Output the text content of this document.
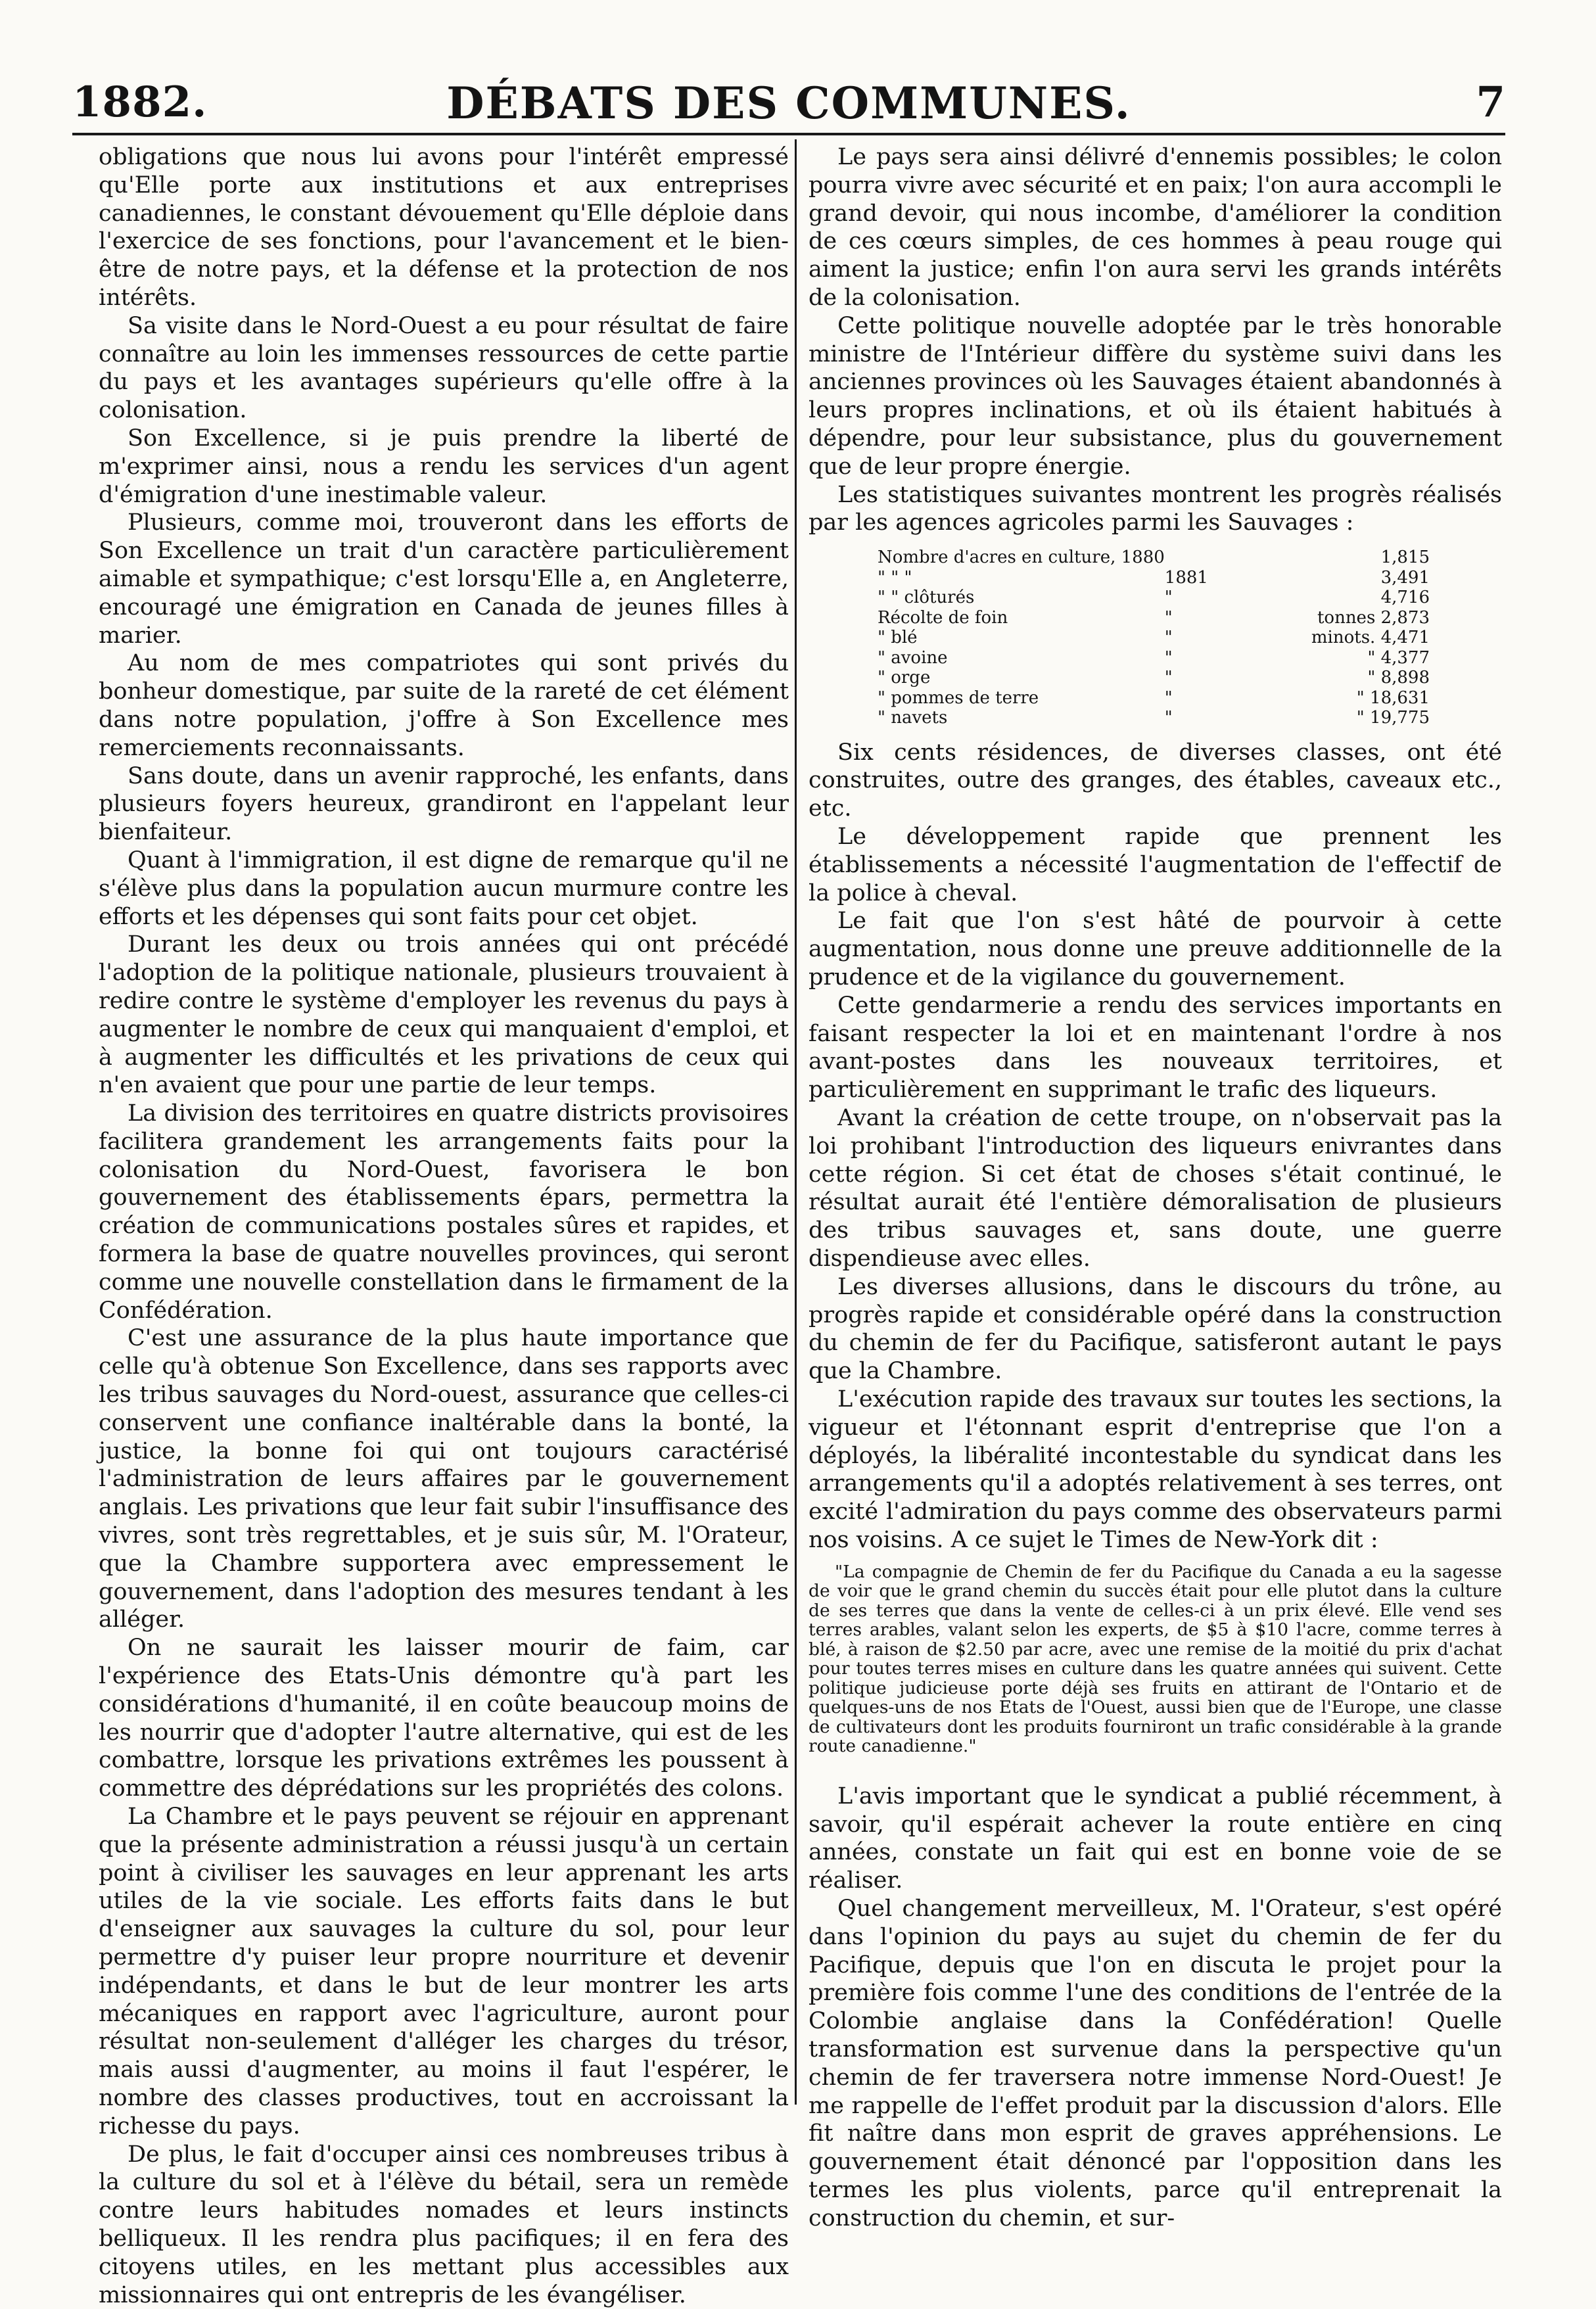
1882.	DÉBATS DES COMMUNES.	7

obligations que nous lui avons pour l'intérêt empressé qu'Elle porte aux institutions et aux entreprises canadiennes, le constant dévouement qu'Elle déploie dans l'exercice de ses fonctions, pour l'avancement et le bien-être de notre pays, et la défense et la protection de nos intérêts.

Sa visite dans le Nord-Ouest a eu pour résultat de faire connaître au loin les immenses ressources de cette partie du pays et les avantages supérieurs qu'elle offre à la colonisation.

Son Excellence, si je puis prendre la liberté de m'exprimer ainsi, nous a rendu les services d'un agent d'émigration d'une inestimable valeur.

Plusieurs, comme moi, trouveront dans les efforts de Son Excellence un trait d'un caractère particulièrement aimable et sympathique; c'est lorsqu'Elle a, en Angleterre, encouragé une émigration en Canada de jeunes filles à marier.

Au nom de mes compatriotes qui sont privés du bonheur domestique, par suite de la rareté de cet élément dans notre population, j'offre à Son Excellence mes remerciements reconnaissants.

Sans doute, dans un avenir rapproché, les enfants, dans plusieurs foyers heureux, grandiront en l'appelant leur bienfaiteur.

Quant à l'immigration, il est digne de remarque qu'il ne s'élève plus dans la population aucun murmure contre les efforts et les dépenses qui sont faits pour cet objet.

Durant les deux ou trois années qui ont précédé l'adoption de la politique nationale, plusieurs trouvaient à redire contre le système d'employer les revenus du pays à augmenter le nombre de ceux qui manquaient d'emploi, et à augmenter les difficultés et les privations de ceux qui n'en avaient que pour une partie de leur temps.

La division des territoires en quatre districts provisoires facilitera grandement les arrangements faits pour la colonisation du Nord-Ouest, favorisera le bon gouvernement des établissements épars, permettra la création de communications postales sûres et rapides, et formera la base de quatre nouvelles provinces, qui seront comme une nouvelle constellation dans le firmament de la Confédération.

C'est une assurance de la plus haute importance que celle qu'à obtenue Son Excellence, dans ses rapports avec les tribus sauvages du Nord-ouest, assurance que celles-ci conservent une confiance inaltérable dans la bonté, la justice, la bonne foi qui ont toujours caractérisé l'administration de leurs affaires par le gouvernement anglais. Les privations que leur fait subir l'insuffisance des vivres, sont très regrettables, et je suis sûr, M. l'Orateur, que la Chambre supportera avec empressement le gouvernement, dans l'adoption des mesures tendant à les alléger.

On ne saurait les laisser mourir de faim, car l'expérience des Etats-Unis démontre qu'à part les considérations d'humanité, il en coûte beaucoup moins de les nourrir que d'adopter l'autre alternative, qui est de les combattre, lorsque les privations extrêmes les poussent à commettre des déprédations sur les propriétés des colons.

La Chambre et le pays peuvent se réjouir en apprenant que la présente administration a réussi jusqu'à un certain point à civiliser les sauvages en leur apprenant les arts utiles de la vie sociale. Les efforts faits dans le but d'enseigner aux sauvages la culture du sol, pour leur permettre d'y puiser leur propre nourriture et devenir indépendants, et dans le but de leur montrer les arts mécaniques en rapport avec l'agriculture, auront pour résultat non-seulement d'alléger les charges du trésor, mais aussi d'augmenter, au moins il faut l'espérer, le nombre des classes productives, tout en accroissant la richesse du pays.

De plus, le fait d'occuper ainsi ces nombreuses tribus à la culture du sol et à l'élève du bétail, sera un remède contre leurs habitudes nomades et leurs instincts belliqueux. Il les rendra plus pacifiques; il en fera des citoyens utiles, en les mettant plus accessibles aux missionnaires qui ont entrepris de les évangéliser.

Le pays sera ainsi délivré d'ennemis possibles; le colon pourra vivre avec sécurité et en paix; l'on aura accompli le grand devoir, qui nous incombe, d'améliorer la condition de ces cœurs simples, de ces hommes à peau rouge qui aiment la justice; enfin l'on aura servi les grands intérêts de la colonisation.

Cette politique nouvelle adoptée par le très honorable ministre de l'Intérieur diffère du système suivi dans les anciennes provinces où les Sauvages étaient abandonnés à leurs propres inclinations, et où ils étaient habitués à dépendre, pour leur subsistance, plus du gouvernement que de leur propre énergie.

Les statistiques suivantes montrent les progrès réalisés par les agences agricoles parmi les Sauvages :

Nombre d'acres en culture, 1880		1,815
" " "	1881	3,491
" " clôturés	"	4,716
Récolte de foin	"	tonnes 2,873
" blé	"	minots. 4,471
" avoine	"	" 4,377
" orge	"	" 8,898
" pommes de terre	"	" 18,631
" navets	"	" 19,775

Six cents résidences, de diverses classes, ont été construites, outre des granges, des étables, caveaux etc., etc.

Le développement rapide que prennent les établissements a nécessité l'augmentation de l'effectif de la police à cheval.

Le fait que l'on s'est hâté de pourvoir à cette augmentation, nous donne une preuve additionnelle de la prudence et de la vigilance du gouvernement.

Cette gendarmerie a rendu des services importants en faisant respecter la loi et en maintenant l'ordre à nos avant-postes dans les nouveaux territoires, et particulièrement en supprimant le trafic des liqueurs.

Avant la création de cette troupe, on n'observait pas la loi prohibant l'introduction des liqueurs enivrantes dans cette région. Si cet état de choses s'était continué, le résultat aurait été l'entière démoralisation de plusieurs des tribus sauvages et, sans doute, une guerre dispendieuse avec elles.

Les diverses allusions, dans le discours du trône, au progrès rapide et considérable opéré dans la construction du chemin de fer du Pacifique, satisferont autant le pays que la Chambre.

L'exécution rapide des travaux sur toutes les sections, la vigueur et l'étonnant esprit d'entreprise que l'on a déployés, la libéralité incontestable du syndicat dans les arrangements qu'il a adoptés relativement à ses terres, ont excité l'admiration du pays comme des observateurs parmi nos voisins. A ce sujet le Times de New-York dit :

"La compagnie de Chemin de fer du Pacifique du Canada a eu la sagesse de voir que le grand chemin du succès était pour elle plutot dans la culture de ses terres que dans la vente de celles-ci à un prix élevé. Elle vend ses terres arables, valant selon les experts, de $5 à $10 l'acre, comme terres à blé, à raison de $2.50 par acre, avec une remise de la moitié du prix d'achat pour toutes terres mises en culture dans les quatre années qui suivent. Cette politique judicieuse porte déjà ses fruits en attirant de l'Ontario et de quelques-uns de nos Etats de l'Ouest, aussi bien que de l'Europe, une classe de cultivateurs dont les produits fourniront un trafic considérable à la grande route canadienne."

L'avis important que le syndicat a publié récemment, à savoir, qu'il espérait achever la route entière en cinq années, constate un fait qui est en bonne voie de se réaliser.

Quel changement merveilleux, M. l'Orateur, s'est opéré dans l'opinion du pays au sujet du chemin de fer du Pacifique, depuis que l'on en discuta le projet pour la première fois comme l'une des conditions de l'entrée de la Colombie anglaise dans la Confédération! Quelle transformation est survenue dans la perspective qu'un chemin de fer traversera notre immense Nord-Ouest! Je me rappelle de l'effet produit par la discussion d'alors. Elle fit naître dans mon esprit de graves appréhensions. Le gouvernement était dénoncé par l'opposition dans les termes les plus violents, parce qu'il entreprenait la construction du chemin, et sur-
